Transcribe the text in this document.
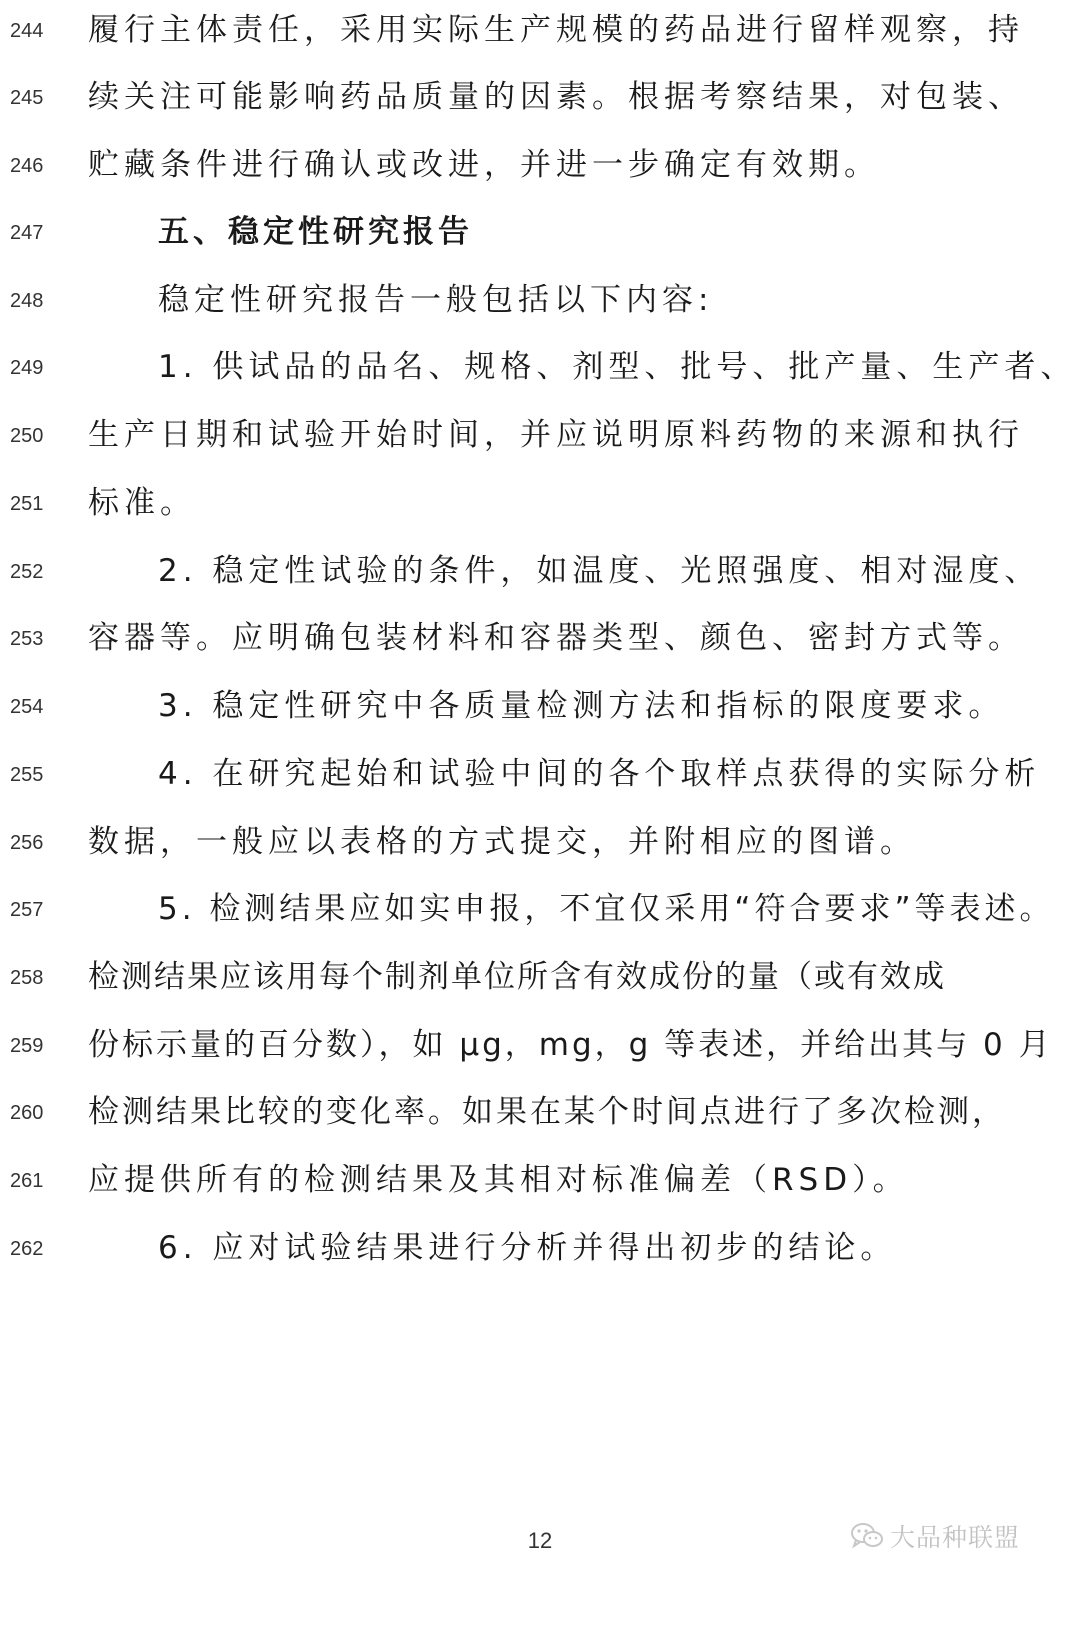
244	履行主体责任，采用实际生产规模的药品进行留样观察，持
245	续关注可能影响药品质量的因素。根据考察结果，对包装、
246	贮藏条件进行确认或改进，并进一步确定有效期。
247	五、稳定性研究报告
248	稳定性研究报告一般包括以下内容:
249	1. 供试品的品名、规格、剂型、批号、批产量、生产者、
250	生产日期和试验开始时间，并应说明原料药物的来源和执行
251	标准。
252	2. 稳定性试验的条件，如温度、光照强度、相对湿度、
253	容器等。应明确包装材料和容器类型、颜色、密封方式等。
254	3. 稳定性研究中各质量检测方法和指标的限度要求。
255	4. 在研究起始和试验中间的各个取样点获得的实际分析
256	数据，一般应以表格的方式提交，并附相应的图谱。
257	5. 检测结果应如实申报，不宜仅采用“符合要求”等表述。
258	检测结果应该用每个制剂单位所含有效成份的量（或有效成
259	份标示量的百分数），如 μg，mg，g 等表述，并给出其与 0 月
260	检测结果比较的变化率。如果在某个时间点进行了多次检测，
261	应提供所有的检测结果及其相对标准偏差（RSD）。
262	6. 应对试验结果进行分析并得出初步的结论。
12	大品种联盟
